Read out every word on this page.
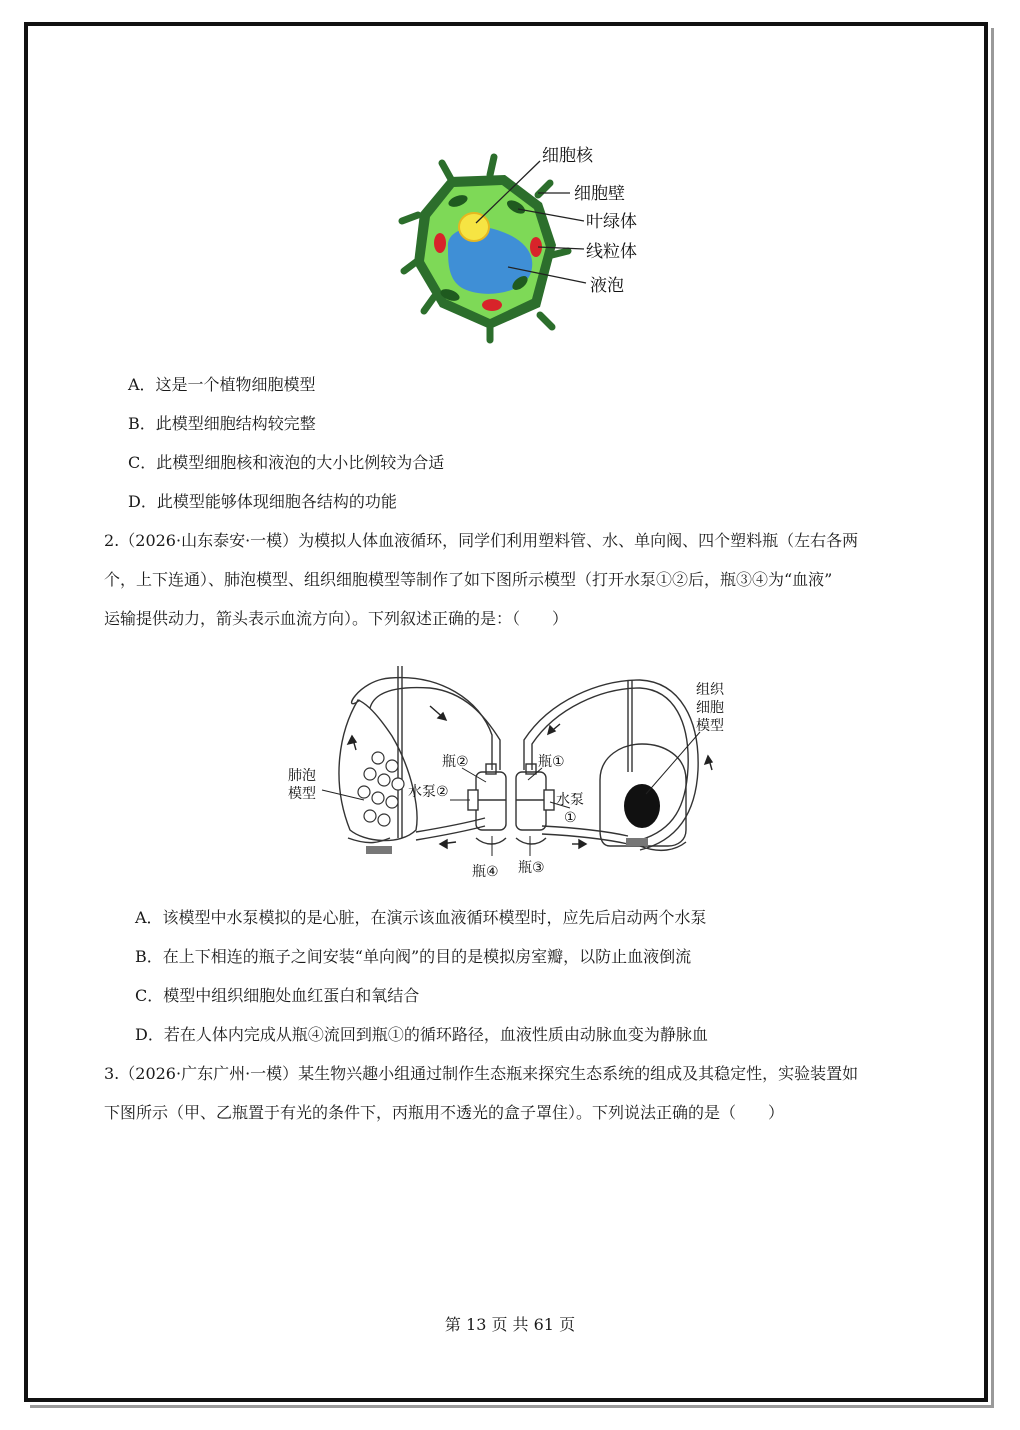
细胞核
细胞壁
叶绿体
线粒体
液泡
A．这是一个植物细胞模型
B．此模型细胞结构较完整
C．此模型细胞核和液泡的大小比例较为合适
D．此模型能够体现细胞各结构的功能
2.（2026·山东泰安·一模）为模拟人体血液循环，同学们利用塑料管、水、单向阀、四个塑料瓶（左右各两
个，上下连通）、肺泡模型、组织细胞模型等制作了如下图所示模型（打开水泵①②后，瓶③④为“血液”
运输提供动力，箭头表示血流方向）。下列叙述正确的是：（　　）
肺泡
模型
组织
细胞
模型
瓶②	瓶①
水泵②	水泵
①
瓶④ 瓶③
A．该模型中水泵模拟的是心脏，在演示该血液循环模型时，应先后启动两个水泵
B．在上下相连的瓶子之间安装“单向阀”的目的是模拟房室瓣，以防止血液倒流
C．模型中组织细胞处血红蛋白和氧结合
D．若在人体内完成从瓶④流回到瓶①的循环路径，血液性质由动脉血变为静脉血
3.（2026·广东广州·一模）某生物兴趣小组通过制作生态瓶来探究生态系统的组成及其稳定性，实验装置如
下图所示（甲、乙瓶置于有光的条件下，丙瓶用不透光的盒子罩住）。下列说法正确的是（　　）
第 13 页 共 61 页
